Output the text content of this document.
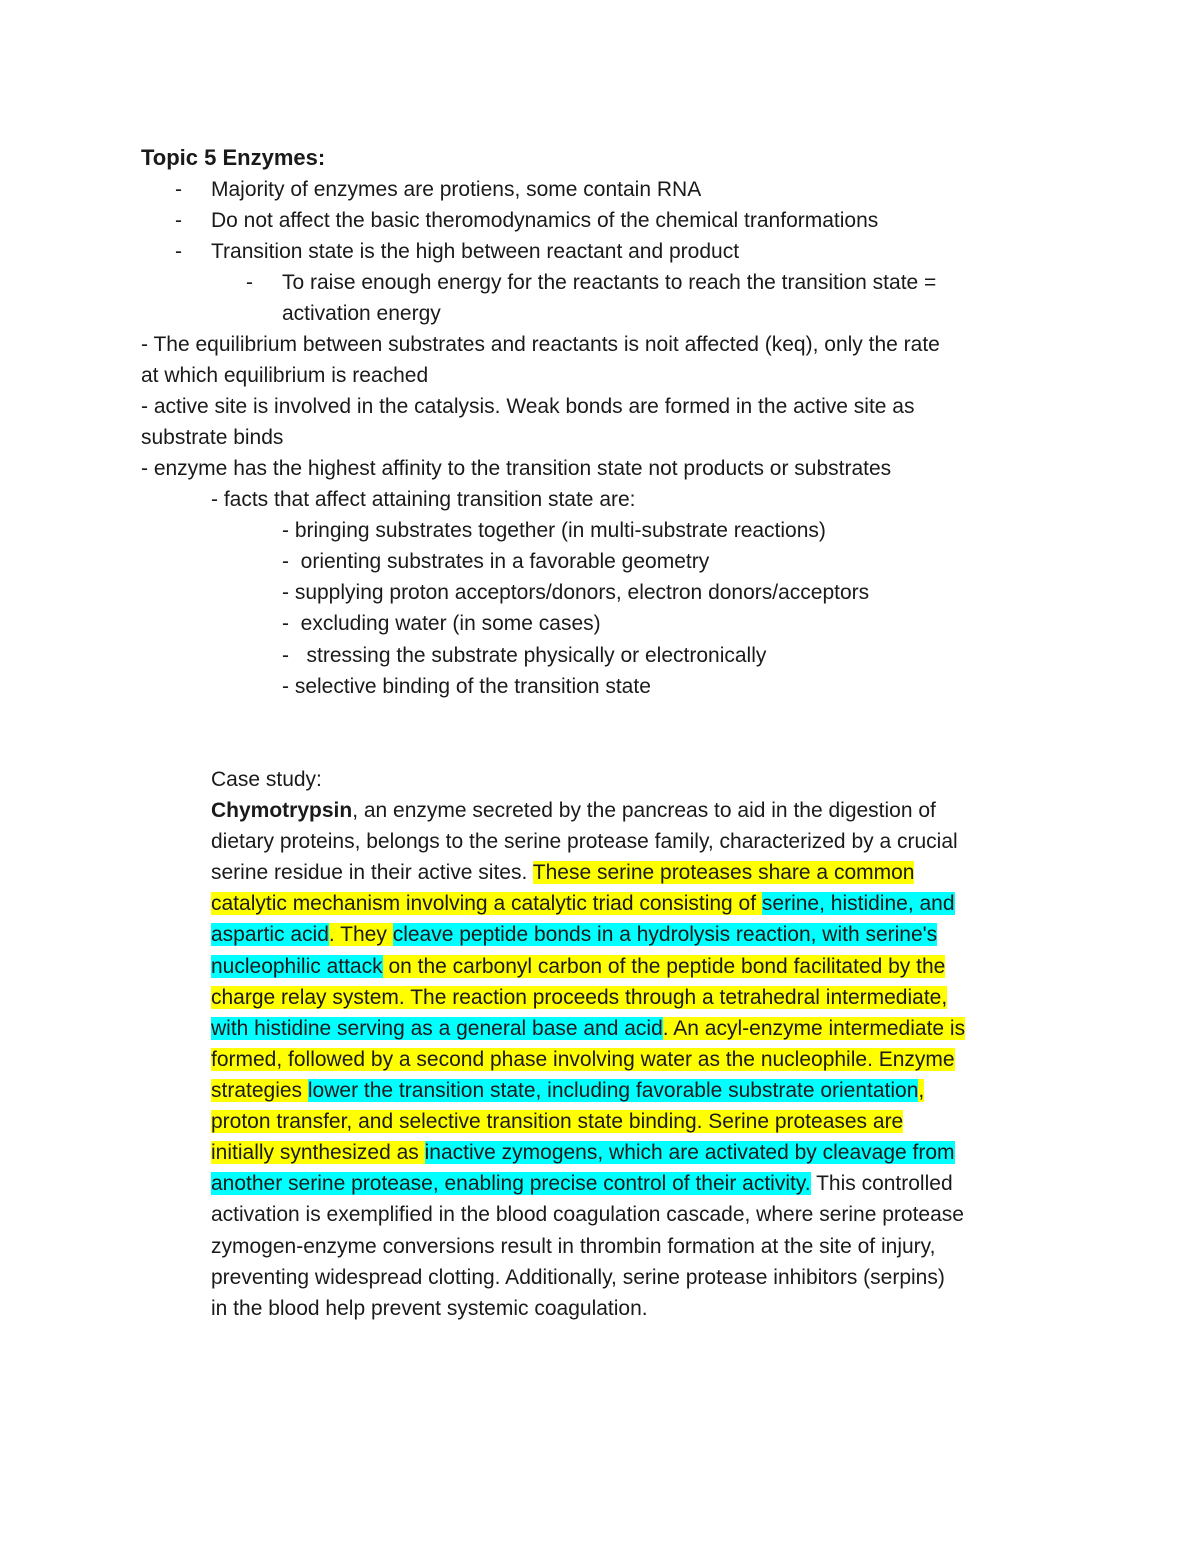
Topic 5 Enzymes:
- Majority of enzymes are protiens, some contain RNA
- Do not affect the basic theromodynamics of the chemical tranformations
- Transition state is the high between reactant and product
- To raise enough energy for the reactants to reach the transition state =
activation energy
- The equilibrium between substrates and reactants is noit affected (keq), only the rate
at which equilibrium is reached
- active site is involved in the catalysis. Weak bonds are formed in the active site as
substrate binds
- enzyme has the highest affinity to the transition state not products or substrates
- facts that affect attaining transition state are:
- bringing substrates together (in multi-substrate reactions)
-  orienting substrates in a favorable geometry
- supplying proton acceptors/donors, electron donors/acceptors
-  excluding water (in some cases)
-   stressing the substrate physically or electronically
- selective binding of the transition state
Case study:
Chymotrypsin, an enzyme secreted by the pancreas to aid in the digestion of
dietary proteins, belongs to the serine protease family, characterized by a crucial
serine residue in their active sites. These serine proteases share a common
catalytic mechanism involving a catalytic triad consisting of serine, histidine, and
aspartic acid. They cleave peptide bonds in a hydrolysis reaction, with serine's
nucleophilic attack on the carbonyl carbon of the peptide bond facilitated by the
charge relay system. The reaction proceeds through a tetrahedral intermediate,
with histidine serving as a general base and acid. An acyl-enzyme intermediate is
formed, followed by a second phase involving water as the nucleophile. Enzyme
strategies lower the transition state, including favorable substrate orientation,
proton transfer, and selective transition state binding. Serine proteases are
initially synthesized as inactive zymogens, which are activated by cleavage from
another serine protease, enabling precise control of their activity. This controlled
activation is exemplified in the blood coagulation cascade, where serine protease
zymogen-enzyme conversions result in thrombin formation at the site of injury,
preventing widespread clotting. Additionally, serine protease inhibitors (serpins)
in the blood help prevent systemic coagulation.
